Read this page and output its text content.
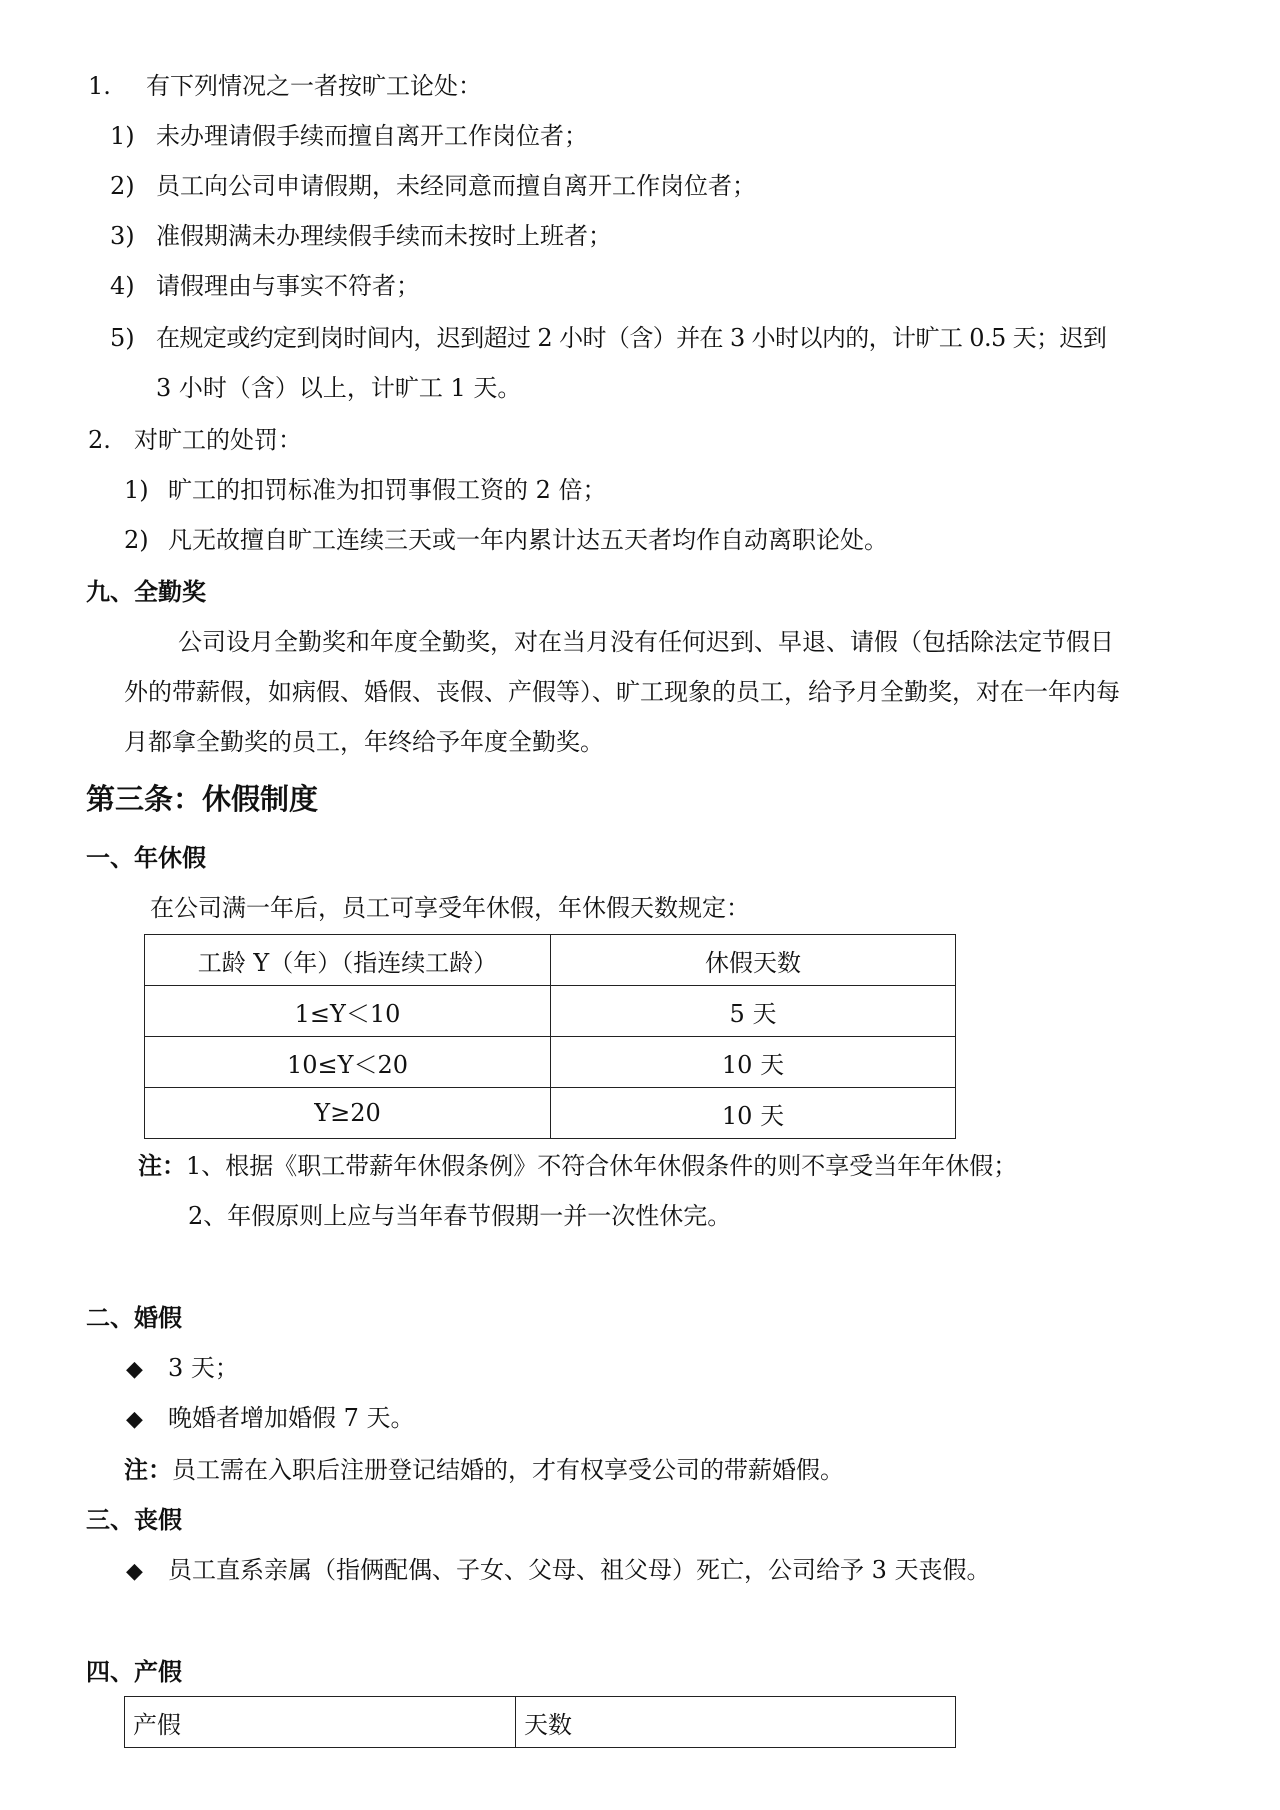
1. 有下列情况之一者按旷工论处：
1) 未办理请假手续而擅自离开工作岗位者；
2) 员工向公司申请假期，未经同意而擅自离开工作岗位者；
3) 准假期满未办理续假手续而未按时上班者；
4) 请假理由与事实不符者；
5) 在规定或约定到岗时间内，迟到超过 2 小时（含）并在 3 小时以内的，计旷工 0.5 天；迟到
3 小时（含）以上，计旷工 1 天。
2. 对旷工的处罚：
1) 旷工的扣罚标准为扣罚事假工资的 2 倍；
2) 凡无故擅自旷工连续三天或一年内累计达五天者均作自动离职论处。
九、全勤奖
公司设月全勤奖和年度全勤奖，对在当月没有任何迟到、早退、请假（包括除法定节假日
外的带薪假，如病假、婚假、丧假、产假等）、旷工现象的员工，给予月全勤奖，对在一年内每
月都拿全勤奖的员工，年终给予年度全勤奖。
第三条：休假制度
一、年休假
在公司满一年后，员工可享受年休假，年休假天数规定：
工龄 Y（年）（指连续工龄）	休假天数
1≤Y＜10	5 天
10≤Y＜20	10 天
Y≥20	10 天
注：1、根据《职工带薪年休假条例》不符合休年休假条件的则不享受当年年休假；
2、年假原则上应与当年春节假期一并一次性休完。
二、婚假
◆ 3 天；
◆ 晚婚者增加婚假 7 天。
注：员工需在入职后注册登记结婚的，才有权享受公司的带薪婚假。
三、丧假
◆ 员工直系亲属（指俩配偶、子女、父母、祖父母）死亡，公司给予 3 天丧假。
四、产假
产假	天数
